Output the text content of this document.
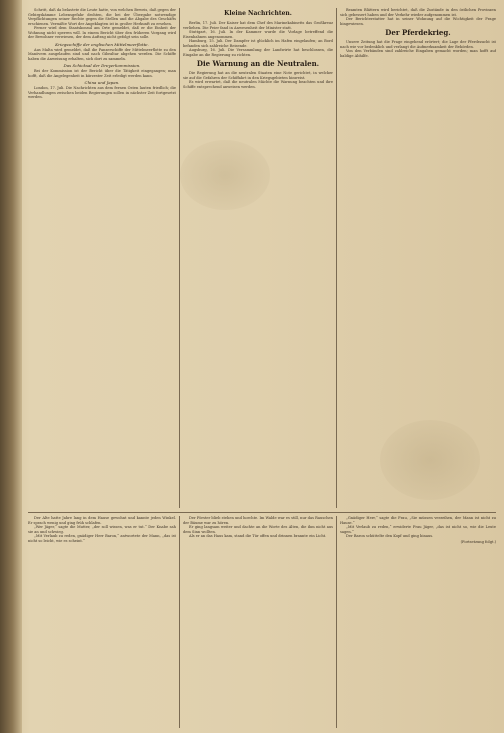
Schritt, daß da belastete die Leute hatte, von welchen Beweis, daß gegen der Gebirgskämme Lebensgefahr drohten, die bei der Übergabe notwendige Verpflichtungen seiner Rechte gegen die Stellen und die Abgabe des Geschäfts erschienen. Vermißte Wort der Angeklagten ist in großer Herkunft zu ersehen.

Ferner wird dem Staatskonsul am Orte gemeldet, daß er die Einheit der Wohnung nicht sperren will. In einem Bericht über den früheren Vorgang wird der Bewohner verwiesen, der dem Auftrag nicht gefolgt sein solle.

Kriegsschiffe der englischen Mittelmeerflotte.

Aus Malta wird gemeldet, daß die Panzerschiffe der Mittelmeerflotte zu den Manövern ausgelaufen sind und nach Gibraltar abgehen werden. Die Schiffe haben die Anweisung erhalten, sich dort zu sammeln.

Das Schicksal der Dreyerkommission.

Bei der Kommission ist der Bericht über die Tätigkeit eingegangen; man hofft, daß die Angelegenheit in kürzester Zeit erledigt werden kann.

China und Japan.

London, 17. Juli. Die Nachrichten aus dem fernen Osten lauten friedlich; die Verhandlungen zwischen beiden Regierungen sollen in nächster Zeit fortgesetzt werden.

Kleine Nachrichten.

Berlin, 17. Juli. Der Kaiser hat dem Chef des Marinekabinetts das Großkreuz verliehen. Die Feier fand in Anwesenheit der Minister statt.

Stuttgart, 16. Juli. In der Kammer wurde die Vorlage betreffend die Eisenbahnen angenommen.

Hamburg, 15. Juli. Der Dampfer ist glücklich im Hafen eingelaufen; an Bord befanden sich zahlreiche Reisende.

Augsburg, 16. Juli. Die Versammlung der Landwirte hat beschlossen, die Eingabe an die Regierung zu richten.

Die Warnung an die Neutralen.

Die Regierung hat an die neutralen Staaten eine Note gerichtet, in welcher sie auf die Gefahren der Schiffahrt in den Kriegsgebieten hinweist.

Es wird erwartet, daß die neutralen Mächte die Warnung beachten und ihre Schiffe entsprechend anweisen werden.

Beamten Blättern wird berichtet, daß die Zustände in den östlichen Provinzen sich gebessert haben und der Verkehr wieder aufgenommen ist.

Der Berichterstatter hat in seiner Wohnung auf die Wichtigkeit der Frage hingewiesen.

Der Pferdekrieg.

Unsere Zeitung hat die Frage eingehend erörtert; die Lage der Pferdezucht ist nach wie vor bedenklich und verlangt die Aufmerksamkeit der Behörden.

Von den Verbänden sind zahlreiche Eingaben gemacht worden; man hofft auf baldige Abhilfe.

Der Alte hatte Jahre lang in dem Hause gewohnt und kannte jeden Winkel. Er sprach wenig und ging früh schlafen.

„Wer Jäger,“ sagte die Mutter, „der soll wissen, was er tut.“ Der Knabe sah sie an und schwieg.

„Mit Verlaub zu reden, gnädiger Herr Baron,“ antwortete der Mann, „das ist nicht so leicht, wie es scheint.“

Der Förster blieb stehen und horchte. Im Walde war es still, nur das Rauschen der Bäume war zu hören.

Er ging langsam weiter und dachte an die Worte des Alten, die ihm nicht aus dem Sinn wollten.

Als er an das Haus kam, stand die Tür offen und drinnen brannte ein Licht.

„Gnädiger Herr,“ sagte die Frau, „Sie müssen verzeihen, der Mann ist nicht zu Hause.“

„Mit Verlaub zu reden,“ erwiderte Frau Jäger, „das ist nicht so, wie die Leute sagen.“

Der Baron schüttelte den Kopf und ging hinaus.

(Fortsetzung folgt.)
